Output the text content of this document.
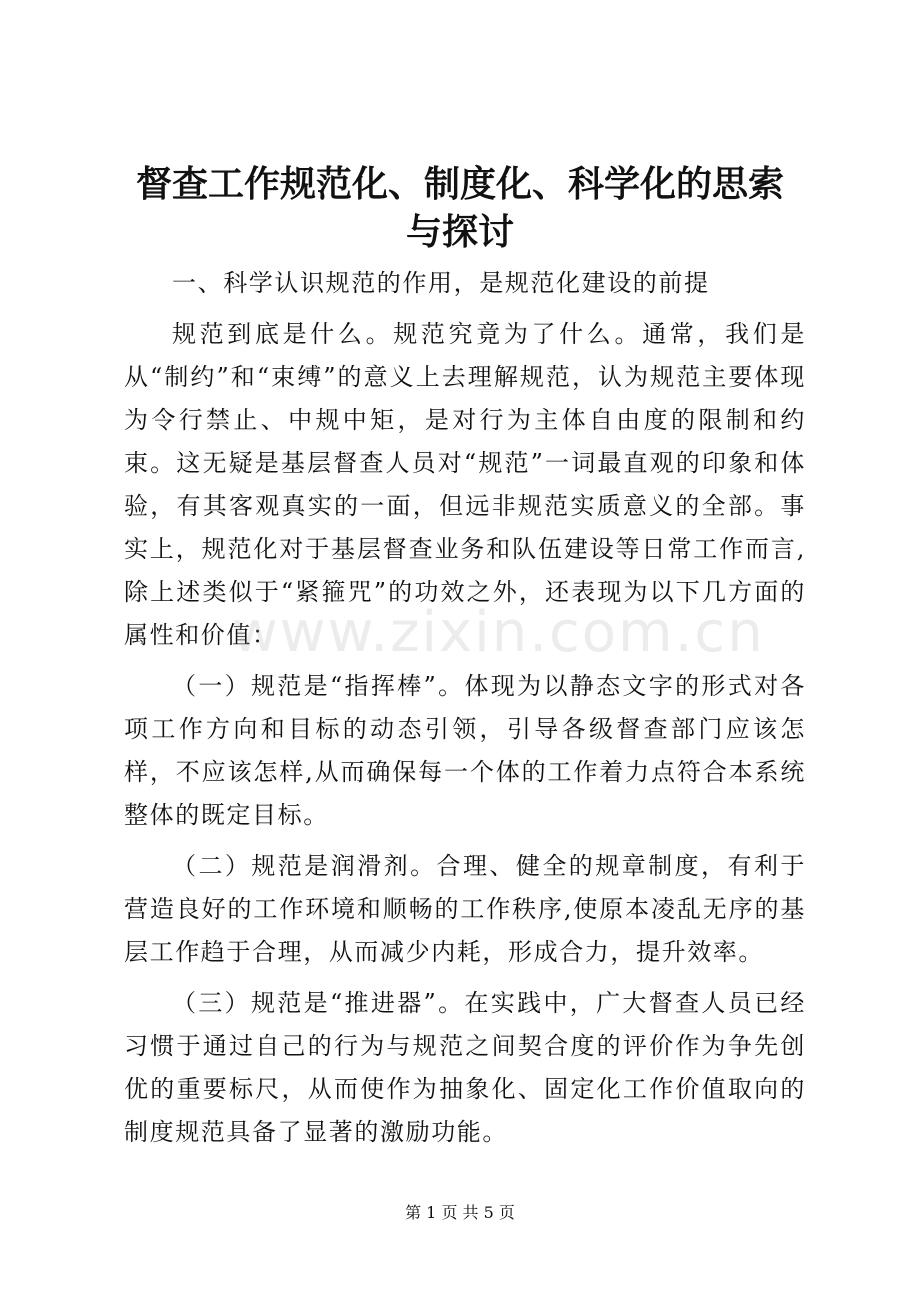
督查工作规范化、制度化、科学化的思索与探讨

一、科学认识规范的作用，是规范化建设的前提

规范到底是什么。规范究竟为了什么。通常，我们是从“制约”和“束缚”的意义上去理解规范，认为规范主要体现为令行禁止、中规中矩，是对行为主体自由度的限制和约束。这无疑是基层督查人员对“规范”一词最直观的印象和体验，有其客观真实的一面，但远非规范实质意义的全部。事实上，规范化对于基层督查业务和队伍建设等日常工作而言,除上述类似于“紧箍咒”的功效之外，还表现为以下几方面的属性和价值：

（一）规范是“指挥棒”。体现为以静态文字的形式对各项工作方向和目标的动态引领，引导各级督查部门应该怎样，不应该怎样,从而确保每一个体的工作着力点符合本系统整体的既定目标。

（二）规范是润滑剂。合理、健全的规章制度，有利于营造良好的工作环境和顺畅的工作秩序,使原本凌乱无序的基层工作趋于合理，从而减少内耗，形成合力，提升效率。

（三）规范是“推进器”。在实践中，广大督查人员已经习惯于通过自己的行为与规范之间契合度的评价作为争先创优的重要标尺，从而使作为抽象化、固定化工作价值取向的制度规范具备了显著的激励功能。

www.zixin.com.cn
第 1 页 共 5 页
